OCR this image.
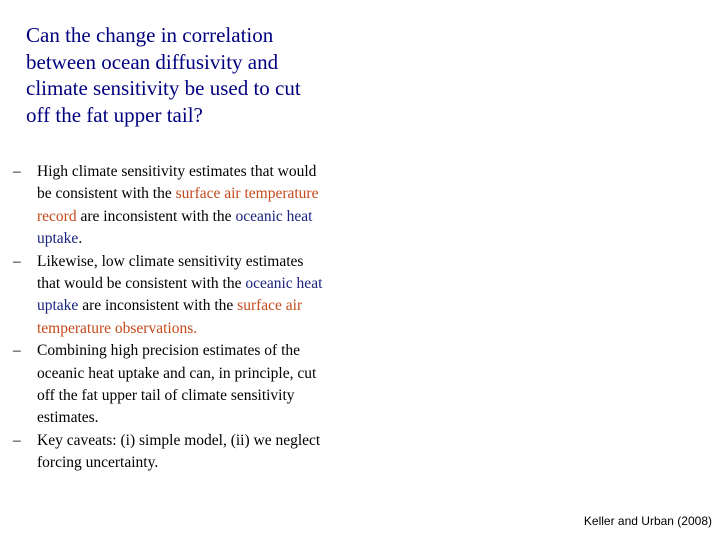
Can the change in correlation between ocean diffusivity and climate sensitivity be used to cut off the fat upper tail?
– High climate sensitivity estimates that would be consistent with the surface air temperature record are inconsistent with the oceanic heat uptake.
– Likewise, low climate sensitivity estimates that would be consistent with the oceanic heat uptake are inconsistent with the surface air temperature observations.
– Combining high precision estimates of the oceanic heat uptake and can, in principle, cut off the fat upper tail of climate sensitivity estimates.
– Key caveats: (i) simple model, (ii) we neglect forcing uncertainty.
Keller and Urban (2008)
